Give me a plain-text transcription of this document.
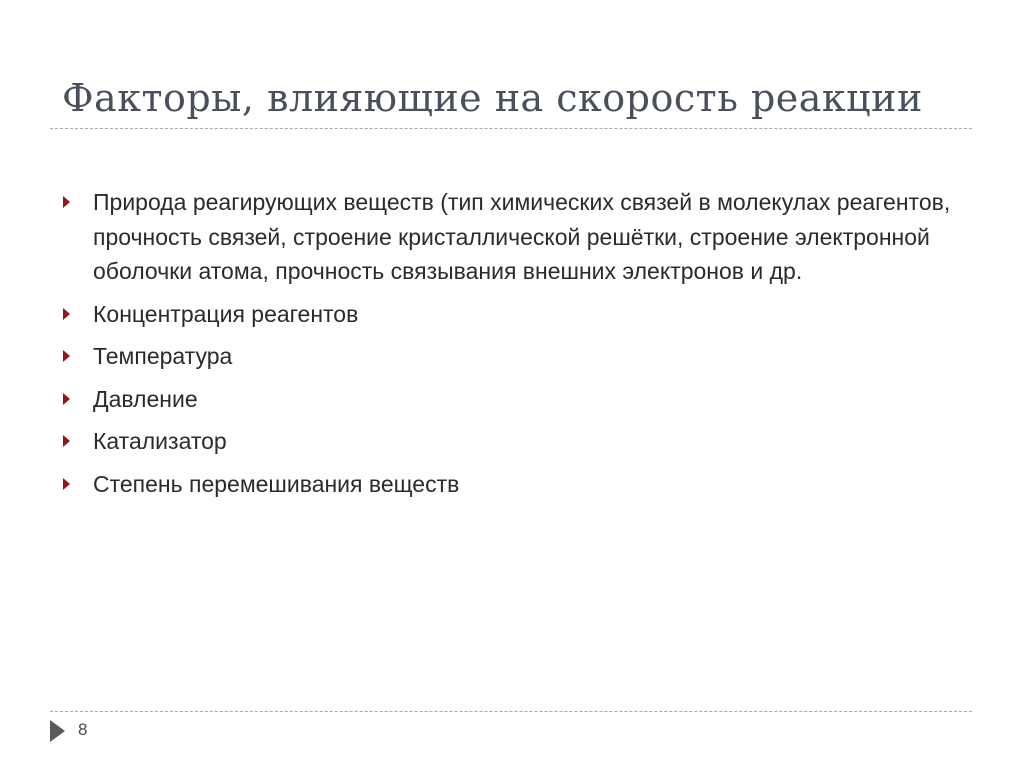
Факторы, влияющие на скорость реакции
Природа реагирующих веществ (тип химических связей в молекулах реагентов, прочность связей, строение кристаллической решётки, строение электронной оболочки атома, прочность связывания внешних электронов и др.
Концентрация реагентов
Температура
Давление
Катализатор
Степень перемешивания веществ
8
